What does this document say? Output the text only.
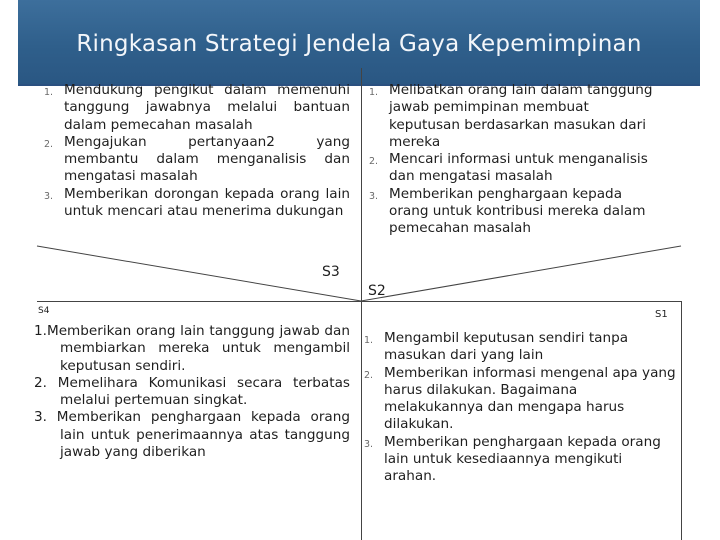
Ringkasan Strategi Jendela Gaya Kepemimpinan
1. Mendukung pengikut dalam memenuhi tanggung jawabnya melalui bantuan dalam pemecahan masalah
2. Mengajukan pertanyaan2 yang membantu dalam menganalisis dan mengatasi masalah
3. Memberikan dorongan kepada orang lain untuk mencari atau menerima dukungan
S3
1. Melibatkan orang lain dalam tanggung jawab pemimpinan membuat keputusan berdasarkan masukan dari mereka
2. Mencari informasi untuk menganalisis dan mengatasi masalah
3. Memberikan penghargaan kepada orang untuk kontribusi mereka dalam pemecahan masalah
S2
S4
1.Memberikan orang lain tanggung jawab dan membiarkan mereka untuk mengambil keputusan sendiri.
2. Memelihara Komunikasi secara terbatas melalui pertemuan singkat.
3. Memberikan penghargaan kepada orang lain untuk penerimaannya atas tanggung jawab yang diberikan
S1
1. Mengambil keputusan sendiri tanpa masukan dari yang lain
2. Memberikan informasi mengenal apa yang harus dilakukan. Bagaimana melakukannya dan mengapa harus dilakukan.
3. Memberikan penghargaan kepada orang lain untuk kesediaannya mengikuti arahan.
